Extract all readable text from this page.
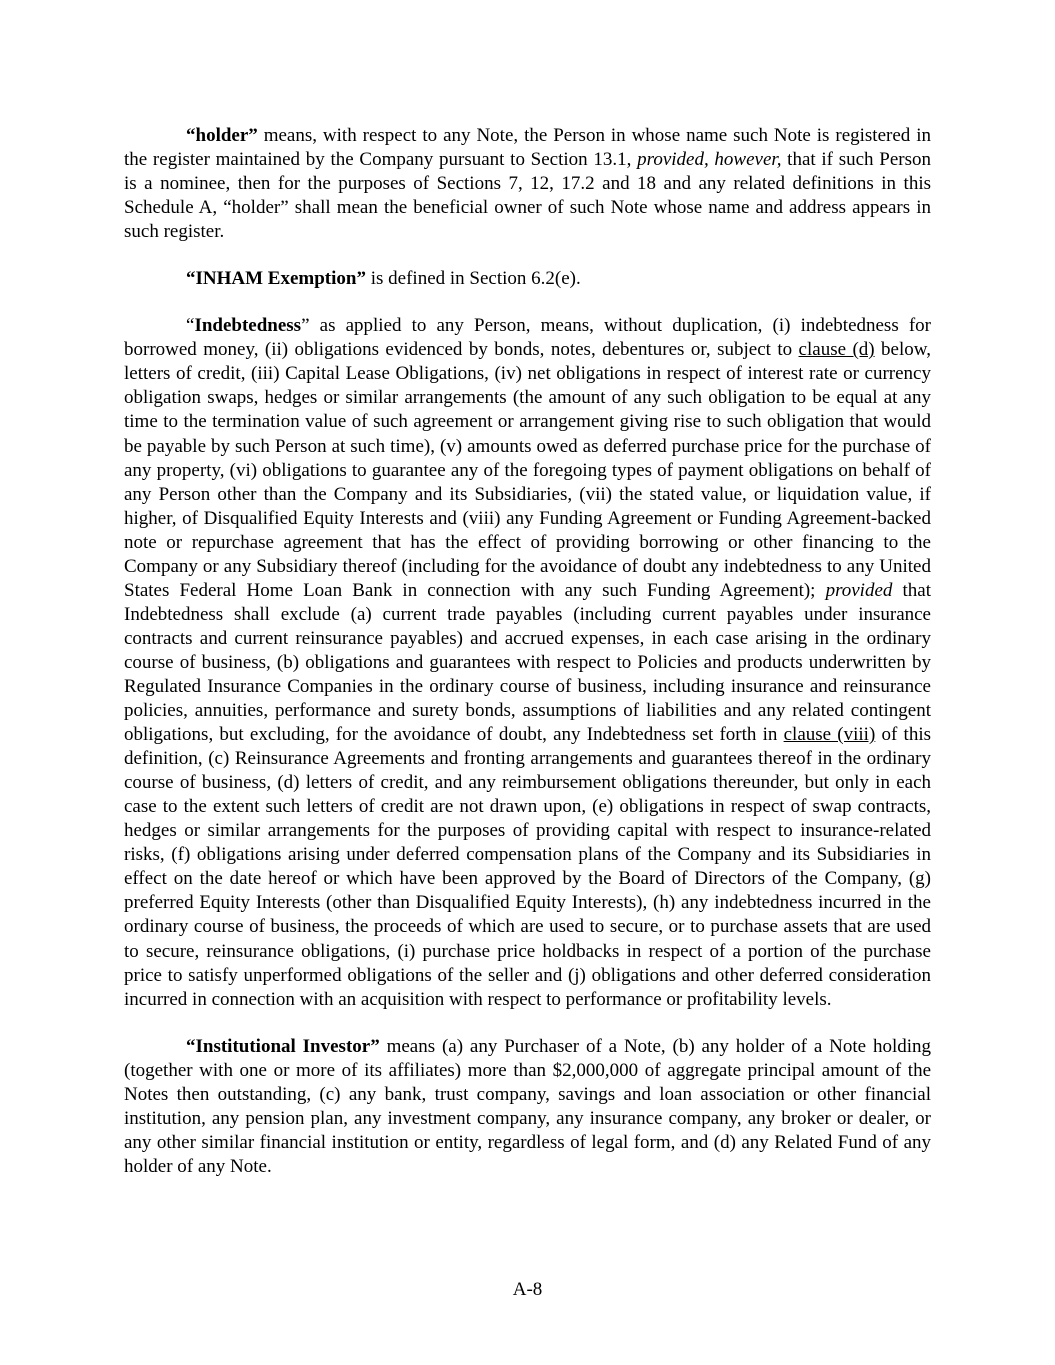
“holder” means, with respect to any Note, the Person in whose name such Note is registered in the register maintained by the Company pursuant to Section 13.1, provided, however, that if such Person is a nominee, then for the purposes of Sections 7, 12, 17.2 and 18 and any related definitions in this Schedule A, “holder” shall mean the beneficial owner of such Note whose name and address appears in such register.

“INHAM Exemption” is defined in Section 6.2(e).

“Indebtedness” as applied to any Person, means, without duplication, (i) indebtedness for borrowed money, (ii) obligations evidenced by bonds, notes, debentures or, subject to clause (d) below, letters of credit, (iii) Capital Lease Obligations, (iv) net obligations in respect of interest rate or currency obligation swaps, hedges or similar arrangements (the amount of any such obligation to be equal at any time to the termination value of such agreement or arrangement giving rise to such obligation that would be payable by such Person at such time), (v) amounts owed as deferred purchase price for the purchase of any property, (vi) obligations to guarantee any of the foregoing types of payment obligations on behalf of any Person other than the Company and its Subsidiaries, (vii) the stated value, or liquidation value, if higher, of Disqualified Equity Interests and (viii) any Funding Agreement or Funding Agreement-backed note or repurchase agreement that has the effect of providing borrowing or other financing to the Company or any Subsidiary thereof (including for the avoidance of doubt any indebtedness to any United States Federal Home Loan Bank in connection with any such Funding Agreement); provided that Indebtedness shall exclude (a) current trade payables (including current payables under insurance contracts and current reinsurance payables) and accrued expenses, in each case arising in the ordinary course of business, (b) obligations and guarantees with respect to Policies and products underwritten by Regulated Insurance Companies in the ordinary course of business, including insurance and reinsurance policies, annuities, performance and surety bonds, assumptions of liabilities and any related contingent obligations, but excluding, for the avoidance of doubt, any Indebtedness set forth in clause (viii) of this definition, (c) Reinsurance Agreements and fronting arrangements and guarantees thereof in the ordinary course of business, (d) letters of credit, and any reimbursement obligations thereunder, but only in each case to the extent such letters of credit are not drawn upon, (e) obligations in respect of swap contracts, hedges or similar arrangements for the purposes of providing capital with respect to insurance-related risks, (f) obligations arising under deferred compensation plans of the Company and its Subsidiaries in effect on the date hereof or which have been approved by the Board of Directors of the Company, (g) preferred Equity Interests (other than Disqualified Equity Interests), (h) any indebtedness incurred in the ordinary course of business, the proceeds of which are used to secure, or to purchase assets that are used to secure, reinsurance obligations, (i) purchase price holdbacks in respect of a portion of the purchase price to satisfy unperformed obligations of the seller and (j) obligations and other deferred consideration incurred in connection with an acquisition with respect to performance or profitability levels.

“Institutional Investor” means (a) any Purchaser of a Note, (b) any holder of a Note holding (together with one or more of its affiliates) more than $2,000,000 of aggregate principal amount of the Notes then outstanding, (c) any bank, trust company, savings and loan association or other financial institution, any pension plan, any investment company, any insurance company, any broker or dealer, or any other similar financial institution or entity, regardless of legal form, and (d) any Related Fund of any holder of any Note.

A-8
